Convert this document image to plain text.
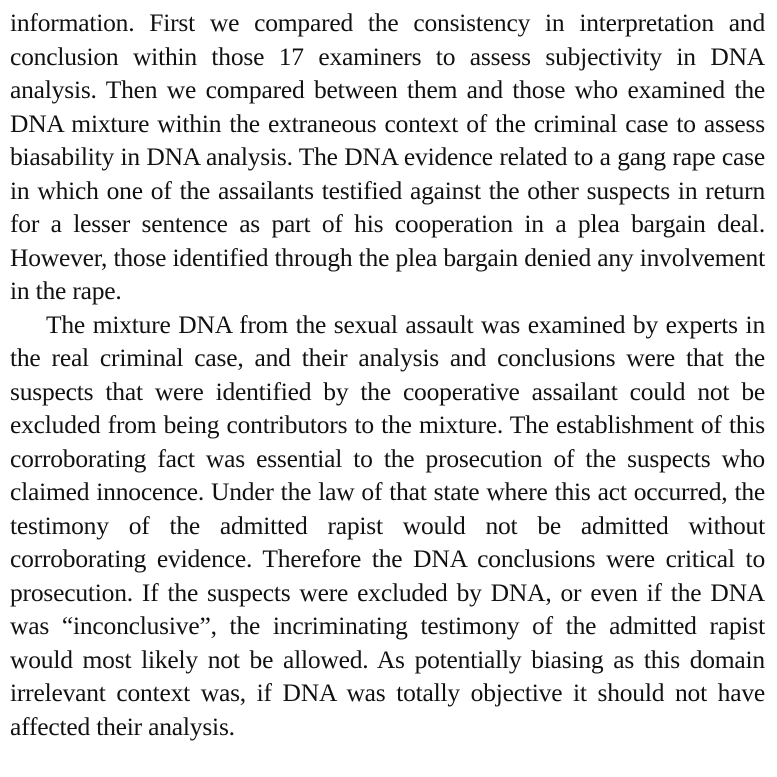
information. First we compared the consistency in interpretation and conclusion within those 17 examiners to assess subjectivity in DNA analysis. Then we compared between them and those who examined the DNA mixture within the extraneous context of the criminal case to assess biasability in DNA analysis. The DNA evidence related to a gang rape case in which one of the assailants testified against the other suspects in return for a lesser sentence as part of his cooperation in a plea bargain deal. However, those identified through the plea bargain denied any involvement in the rape.

The mixture DNA from the sexual assault was examined by experts in the real criminal case, and their analysis and conclusions were that the suspects that were identified by the cooperative assailant could not be excluded from being contributors to the mixture. The establishment of this corroborating fact was essential to the prosecution of the suspects who claimed innocence. Under the law of that state where this act occurred, the testimony of the admitted rapist would not be admitted without corroborating evidence. Therefore the DNA conclusions were critical to prosecution. If the suspects were excluded by DNA, or even if the DNA was “inconclusive”, the incriminating testimony of the admitted rapist would most likely not be allowed. As potentially biasing as this domain irrelevant context was, if DNA was totally objective it should not have affected their analysis.
